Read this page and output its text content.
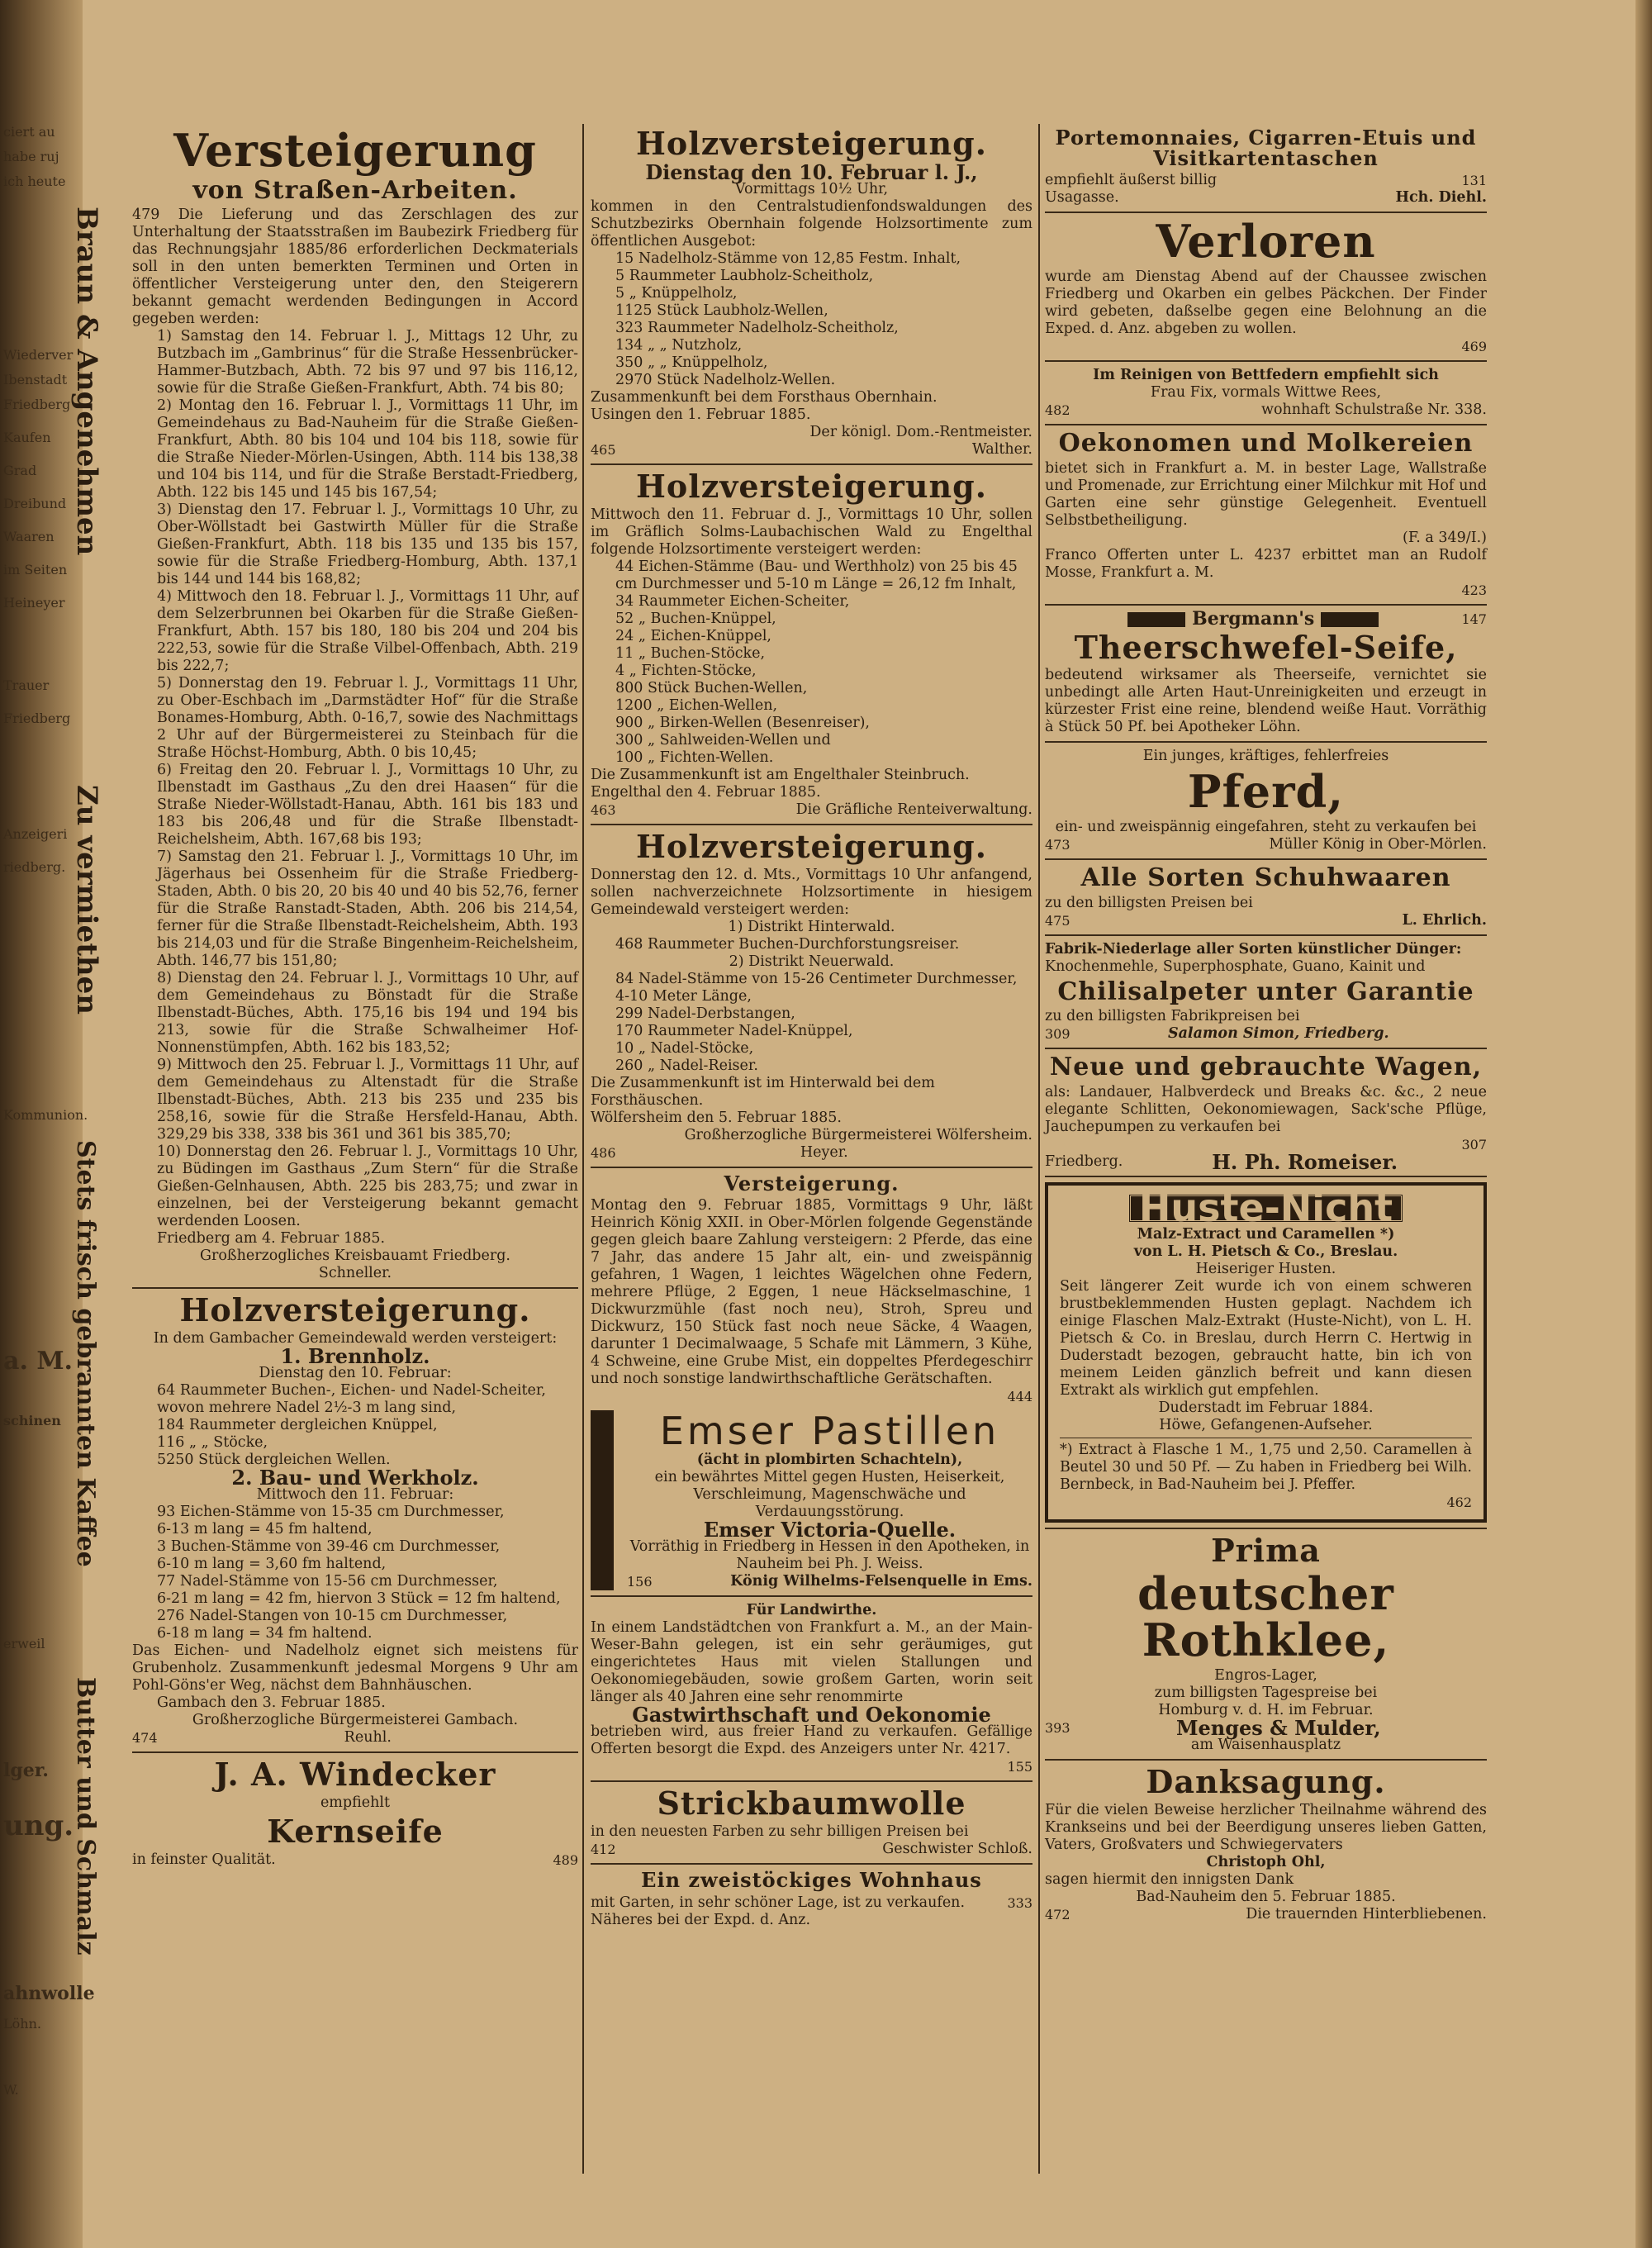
ciert au
habe ruj
ich heute
Wiederver
Ibenstadt
Friedberg
Kaufen
Grad
Dreibund
Waaren
im Seiten
Heineyer
Trauer
Friedberg
Anzeigeri
riedberg.
Kommunion.
a. M.
schinen
erweil
lger.
ung.
ahnwolle
Löhn.
W.
Braun & Angenehmen
Zu vermiethen
Stets frisch gebrannten Kaffee
Butter und Schmalz
Versteigerung
von Straßen-Arbeiten.
479 Die Lieferung und das Zerschlagen des zur Unterhaltung der Staatsstraßen im Baubezirk Friedberg für das Rechnungsjahr 1885/86 erforderlichen Deckmaterials soll in den unten bemerkten Terminen und Orten in öffentlicher Versteigerung unter den, den Steigerern bekannt gemacht werdenden Bedingungen in Accord gegeben werden:
1) Samstag den 14. Februar l. J., Mittags 12 Uhr, zu Butzbach im „Gambrinus“ für die Straße Hessenbrücker-Hammer-Butzbach, Abth. 72 bis 97 und 97 bis 116,12, sowie für die Straße Gießen-Frankfurt, Abth. 74 bis 80;
2) Montag den 16. Februar l. J., Vormittags 11 Uhr, im Gemeindehaus zu Bad-Nauheim für die Straße Gießen-Frankfurt, Abth. 80 bis 104 und 104 bis 118, sowie für die Straße Nieder-Mörlen-Usingen, Abth. 114 bis 138,38 und 104 bis 114, und für die Straße Berstadt-Friedberg, Abth. 122 bis 145 und 145 bis 167,54;
3) Dienstag den 17. Februar l. J., Vormittags 10 Uhr, zu Ober-Wöllstadt bei Gastwirth Müller für die Straße Gießen-Frankfurt, Abth. 118 bis 135 und 135 bis 157, sowie für die Straße Friedberg-Homburg, Abth. 137,1 bis 144 und 144 bis 168,82;
4) Mittwoch den 18. Februar l. J., Vormittags 11 Uhr, auf dem Selzerbrunnen bei Okarben für die Straße Gießen-Frankfurt, Abth. 157 bis 180, 180 bis 204 und 204 bis 222,53, sowie für die Straße Vilbel-Offenbach, Abth. 219 bis 222,7;
5) Donnerstag den 19. Februar l. J., Vormittags 11 Uhr, zu Ober-Eschbach im „Darmstädter Hof“ für die Straße Bonames-Homburg, Abth. 0-16,7, sowie des Nachmittags 2 Uhr auf der Bürgermeisterei zu Steinbach für die Straße Höchst-Homburg, Abth. 0 bis 10,45;
6) Freitag den 20. Februar l. J., Vormittags 10 Uhr, zu Ilbenstadt im Gasthaus „Zu den drei Haasen“ für die Straße Nieder-Wöllstadt-Hanau, Abth. 161 bis 183 und 183 bis 206,48 und für die Straße Ilbenstadt-Reichelsheim, Abth. 167,68 bis 193;
7) Samstag den 21. Februar l. J., Vormittags 10 Uhr, im Jägerhaus bei Ossenheim für die Straße Friedberg-Staden, Abth. 0 bis 20, 20 bis 40 und 40 bis 52,76, ferner für die Straße Ranstadt-Staden, Abth. 206 bis 214,54, ferner für die Straße Ilbenstadt-Reichelsheim, Abth. 193 bis 214,03 und für die Straße Bingenheim-Reichelsheim, Abth. 146,77 bis 151,80;
8) Dienstag den 24. Februar l. J., Vormittags 10 Uhr, auf dem Gemeindehaus zu Bönstadt für die Straße Ilbenstadt-Büches, Abth. 175,16 bis 194 und 194 bis 213, sowie für die Straße Schwalheimer Hof-Nonnenstümpfen, Abth. 162 bis 183,52;
9) Mittwoch den 25. Februar l. J., Vormittags 11 Uhr, auf dem Gemeindehaus zu Altenstadt für die Straße Ilbenstadt-Büches, Abth. 213 bis 235 und 235 bis 258,16, sowie für die Straße Hersfeld-Hanau, Abth. 329,29 bis 338, 338 bis 361 und 361 bis 385,70;
10) Donnerstag den 26. Februar l. J., Vormittags 10 Uhr, zu Büdingen im Gasthaus „Zum Stern“ für die Straße Gießen-Gelnhausen, Abth. 225 bis 283,75; und zwar in einzelnen, bei der Versteigerung bekannt gemacht werdenden Loosen.
Friedberg am 4. Februar 1885.
Großherzogliches Kreisbauamt Friedberg.
Schneller.
Holzversteigerung.
In dem Gambacher Gemeindewald werden versteigert:
1. Brennholz.
Dienstag den 10. Februar:
64 Raummeter Buchen-, Eichen- und Nadel-Scheiter,
wovon mehrere Nadel 2½-3 m lang sind,
184 Raummeter dergleichen Knüppel,
116 „ „ Stöcke,
5250 Stück dergleichen Wellen.
2. Bau- und Werkholz.
Mittwoch den 11. Februar:
93 Eichen-Stämme von 15-35 cm Durchmesser,
6-13 m lang = 45 fm haltend,
3 Buchen-Stämme von 39-46 cm Durchmesser,
6-10 m lang = 3,60 fm haltend,
77 Nadel-Stämme von 15-56 cm Durchmesser,
6-21 m lang = 42 fm, hiervon 3 Stück = 12 fm haltend,
276 Nadel-Stangen von 10-15 cm Durchmesser,
6-18 m lang = 34 fm haltend.
Das Eichen- und Nadelholz eignet sich meistens für Grubenholz. Zusammenkunft jedesmal Morgens 9 Uhr am Pohl-Göns'er Weg, nächst dem Bahnhäuschen.
Gambach den 3. Februar 1885.
Großherzogliche Bürgermeisterei Gambach.
474	Reuhl.
J. A. Windecker
empfiehlt
Kernseife
in feinster Qualität.	489
Holzversteigerung.
Dienstag den 10. Februar l. J.,
Vormittags 10½ Uhr,
kommen in den Centralstudienfondswaldungen des Schutzbezirks Obernhain folgende Holzsortimente zum öffentlichen Ausgebot:
15 Nadelholz-Stämme von 12,85 Festm. Inhalt,
5 Raummeter Laubholz-Scheitholz,
5 „ Knüppelholz,
1125 Stück Laubholz-Wellen,
323 Raummeter Nadelholz-Scheitholz,
134 „ „ Nutzholz,
350 „ „ Knüppelholz,
2970 Stück Nadelholz-Wellen.
Zusammenkunft bei dem Forsthaus Obernhain.
Usingen den 1. Februar 1885.
Der königl. Dom.-Rentmeister.
465	Walther.
Holzversteigerung.
Mittwoch den 11. Februar d. J., Vormittags 10 Uhr, sollen im Gräflich Solms-Laubachischen Wald zu Engelthal folgende Holzsortimente versteigert werden:
44 Eichen-Stämme (Bau- und Werthholz) von 25 bis 45 cm Durchmesser und 5-10 m Länge = 26,12 fm Inhalt,
34 Raummeter Eichen-Scheiter,
52 „ Buchen-Knüppel,
24 „ Eichen-Knüppel,
11 „ Buchen-Stöcke,
4 „ Fichten-Stöcke,
800 Stück Buchen-Wellen,
1200 „ Eichen-Wellen,
900 „ Birken-Wellen (Besenreiser),
300 „ Sahlweiden-Wellen und
100 „ Fichten-Wellen.
Die Zusammenkunft ist am Engelthaler Steinbruch.
Engelthal den 4. Februar 1885.
463	Die Gräfliche Renteiverwaltung.
Holzversteigerung.
Donnerstag den 12. d. Mts., Vormittags 10 Uhr anfangend, sollen nachverzeichnete Holzsortimente in hiesigem Gemeindewald versteigert werden:
1) Distrikt Hinterwald.
468 Raummeter Buchen-Durchforstungsreiser.
2) Distrikt Neuerwald.
84 Nadel-Stämme von 15-26 Centimeter Durchmesser, 4-10 Meter Länge,
299 Nadel-Derbstangen,
170 Raummeter Nadel-Knüppel,
10 „ Nadel-Stöcke,
260 „ Nadel-Reiser.
Die Zusammenkunft ist im Hinterwald bei dem Forsthäuschen.
Wölfersheim den 5. Februar 1885.
Großherzogliche Bürgermeisterei Wölfersheim.
486	Heyer.
Versteigerung.
Montag den 9. Februar 1885, Vormittags 9 Uhr, läßt Heinrich König XXII. in Ober-Mörlen folgende Gegenstände gegen gleich baare Zahlung versteigern: 2 Pferde, das eine 7 Jahr, das andere 15 Jahr alt, ein- und zweispännig gefahren, 1 Wagen, 1 leichtes Wägelchen ohne Federn, mehrere Pflüge, 2 Eggen, 1 neue Häckselmaschine, 1 Dickwurzmühle (fast noch neu), Stroh, Spreu und Dickwurz, 150 Stück fast noch neue Säcke, 4 Waagen, darunter 1 Decimalwaage, 5 Schafe mit Lämmern, 3 Kühe, 4 Schweine, eine Grube Mist, ein doppeltes Pferdegeschirr und noch sonstige landwirthschaftliche Gerätschaften.
444
Emser Pastillen
(ächt in plombirten Schachteln),
ein bewährtes Mittel gegen Husten, Heiserkeit, Verschleimung, Magenschwäche und Verdauungsstörung.
Emser Victoria-Quelle.
Vorräthig in Friedberg in Hessen in den Apotheken, in Nauheim bei Ph. J. Weiss.
156	König Wilhelms-Felsenquelle in Ems.
Für Landwirthe.
In einem Landstädtchen von Frankfurt a. M., an der Main-Weser-Bahn gelegen, ist ein sehr geräumiges, gut eingerichtetes Haus mit vielen Stallungen und Oekonomiegebäuden, sowie großem Garten, worin seit länger als 40 Jahren eine sehr renommirte
Gastwirthschaft und Oekonomie
betrieben wird, aus freier Hand zu verkaufen. Gefällige Offerten besorgt die Expd. des Anzeigers unter Nr. 4217.
155
Strickbaumwolle
in den neuesten Farben zu sehr billigen Preisen bei
412	Geschwister Schloß.
Ein zweistöckiges Wohnhaus
mit Garten, in sehr schöner Lage, ist zu verkaufen. Näheres bei der Expd. d. Anz.
333
Portemonnaies, Cigarren-Etuis und Visitkartentaschen
empfiehlt äußerst billig	131
Usagasse.	Hch. Diehl.
Verloren
wurde am Dienstag Abend auf der Chaussee zwischen Friedberg und Okarben ein gelbes Päckchen. Der Finder wird gebeten, daßselbe gegen eine Belohnung an die Exped. d. Anz. abgeben zu wollen.
469
Im Reinigen von Bettfedern empfiehlt sich
Frau Fix, vormals Wittwe Rees,
482	wohnhaft Schulstraße Nr. 338.
Oekonomen und Molkereien
bietet sich in Frankfurt a. M. in bester Lage, Wallstraße und Promenade, zur Errichtung einer Milchkur mit Hof und Garten eine sehr günstige Gelegenheit. Eventuell Selbstbetheiligung.
(F. a 349/I.)
Franco Offerten unter L. 4237 erbittet man an Rudolf Mosse, Frankfurt a. M.
423
Bergmann's	147
Theerschwefel-Seife,
bedeutend wirksamer als Theerseife, vernichtet sie unbedingt alle Arten Haut-Unreinigkeiten und erzeugt in kürzester Frist eine reine, blendend weiße Haut. Vorräthig à Stück 50 Pf. bei Apotheker Löhn.
Ein junges, kräftiges, fehlerfreies
Pferd,
ein- und zweispännig eingefahren, steht zu verkaufen bei
473	Müller König in Ober-Mörlen.
Alle Sorten Schuhwaaren
zu den billigsten Preisen bei
475	L. Ehrlich.
Fabrik-Niederlage aller Sorten künstlicher Dünger:
Knochenmehle, Superphosphate, Guano, Kainit und
Chilisalpeter unter Garantie
zu den billigsten Fabrikpreisen bei
309	Salamon Simon, Friedberg.
Neue und gebrauchte Wagen,
als: Landauer, Halbverdeck und Breaks &c. &c., 2 neue elegante Schlitten, Oekonomiewagen, Sack'sche Pflüge, Jauchepumpen zu verkaufen bei
307
Friedberg.	H. Ph. Romeiser.
Huste-Nicht
Malz-Extract und Caramellen *)
von L. H. Pietsch & Co., Breslau.
Heiseriger Husten.
Seit längerer Zeit wurde ich von einem schweren brustbeklemmenden Husten geplagt. Nachdem ich einige Flaschen Malz-Extrakt (Huste-Nicht), von L. H. Pietsch & Co. in Breslau, durch Herrn C. Hertwig in Duderstadt bezogen, gebraucht hatte, bin ich von meinem Leiden gänzlich befreit und kann diesen Extrakt als wirklich gut empfehlen.
Duderstadt im Februar 1884.
Höwe, Gefangenen-Aufseher.
*) Extract à Flasche 1 M., 1,75 und 2,50. Caramellen à Beutel 30 und 50 Pf. — Zu haben in Friedberg bei Wilh. Bernbeck, in Bad-Nauheim bei J. Pfeffer.
462
Prima
deutscher Rothklee,
Engros-Lager,
zum billigsten Tagespreise bei
Homburg v. d. H. im Februar.
393	Menges & Mulder,
am Waisenhausplatz
Danksagung.
Für die vielen Beweise herzlicher Theilnahme während des Krankseins und bei der Beerdigung unseres lieben Gatten, Vaters, Großvaters und Schwiegervaters
Christoph Ohl,
sagen hiermit den innigsten Dank
Bad-Nauheim den 5. Februar 1885.
472	Die trauernden Hinterbliebenen.
